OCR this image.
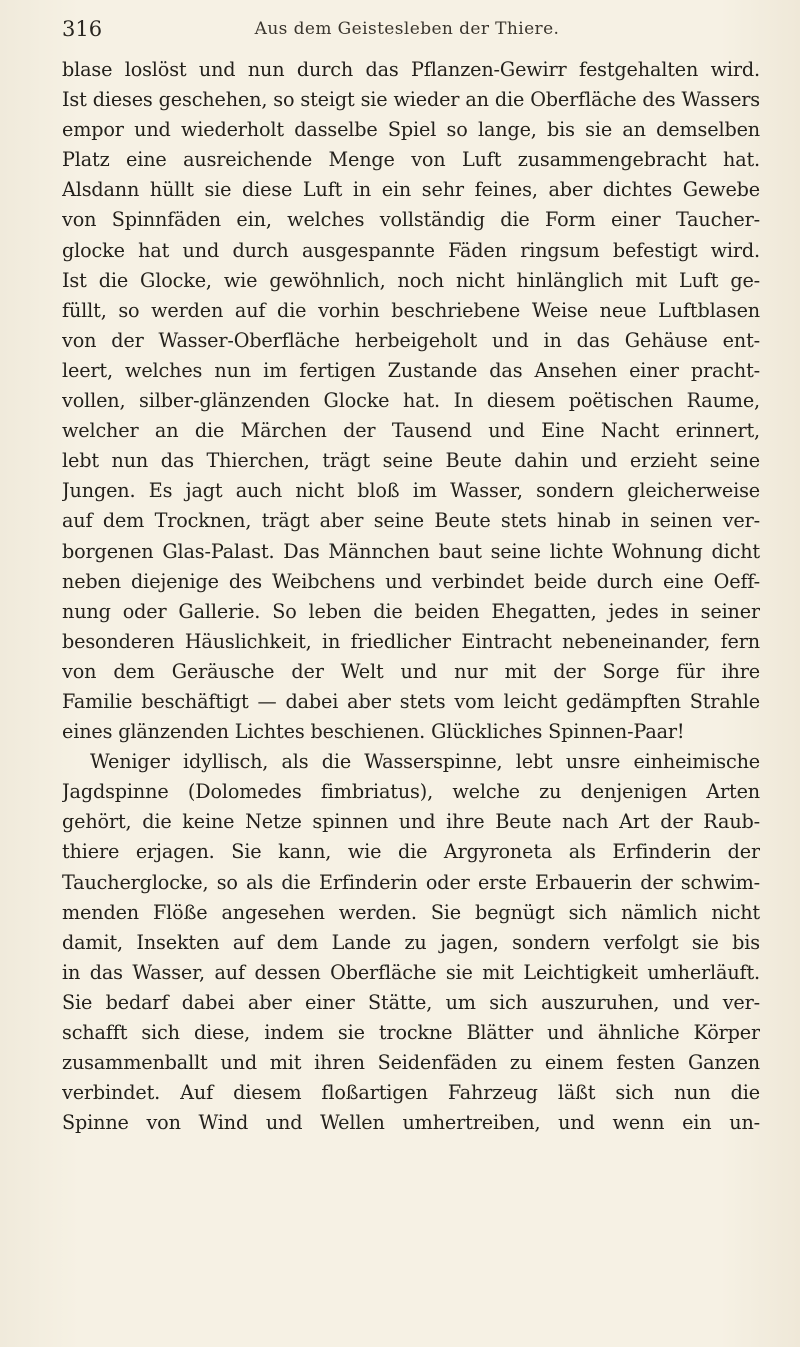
316	Aus dem Geistesleben der Thiere.
blase loslöst und nun durch das Pflanzen-Gewirr festgehalten wird.
Ist dieses geschehen, so steigt sie wieder an die Oberfläche des Wassers
empor und wiederholt dasselbe Spiel so lange, bis sie an demselben
Platz eine ausreichende Menge von Luft zusammengebracht hat.
Alsdann hüllt sie diese Luft in ein sehr feines, aber dichtes Gewebe
von Spinnfäden ein, welches vollständig die Form einer Taucher-
glocke hat und durch ausgespannte Fäden ringsum befestigt wird.
Ist die Glocke, wie gewöhnlich, noch nicht hinlänglich mit Luft ge-
füllt, so werden auf die vorhin beschriebene Weise neue Luftblasen
von der Wasser-Oberfläche herbeigeholt und in das Gehäuse ent-
leert, welches nun im fertigen Zustande das Ansehen einer pracht-
vollen, silber-glänzenden Glocke hat. In diesem poëtischen Raume,
welcher an die Märchen der Tausend und Eine Nacht erinnert,
lebt nun das Thierchen, trägt seine Beute dahin und erzieht seine
Jungen. Es jagt auch nicht bloß im Wasser, sondern gleicherweise
auf dem Trocknen, trägt aber seine Beute stets hinab in seinen ver-
borgenen Glas-Palast. Das Männchen baut seine lichte Wohnung dicht
neben diejenige des Weibchens und verbindet beide durch eine Oeff-
nung oder Gallerie. So leben die beiden Ehegatten, jedes in seiner
besonderen Häuslichkeit, in friedlicher Eintracht nebeneinander, fern
von dem Geräusche der Welt und nur mit der Sorge für ihre
Familie beschäftigt — dabei aber stets vom leicht gedämpften Strahle
eines glänzenden Lichtes beschienen. Glückliches Spinnen-Paar!
Weniger idyllisch, als die Wasserspinne, lebt unsre einheimische
Jagdspinne (Dolomedes fimbriatus), welche zu denjenigen Arten
gehört, die keine Netze spinnen und ihre Beute nach Art der Raub-
thiere erjagen. Sie kann, wie die Argyroneta als Erfinderin der
Taucherglocke, so als die Erfinderin oder erste Erbauerin der schwim-
menden Flöße angesehen werden. Sie begnügt sich nämlich nicht
damit, Insekten auf dem Lande zu jagen, sondern verfolgt sie bis
in das Wasser, auf dessen Oberfläche sie mit Leichtigkeit umherläuft.
Sie bedarf dabei aber einer Stätte, um sich auszuruhen, und ver-
schafft sich diese, indem sie trockne Blätter und ähnliche Körper
zusammenballt und mit ihren Seidenfäden zu einem festen Ganzen
verbindet. Auf diesem floßartigen Fahrzeug läßt sich nun die
Spinne von Wind und Wellen umhertreiben, und wenn ein un-
